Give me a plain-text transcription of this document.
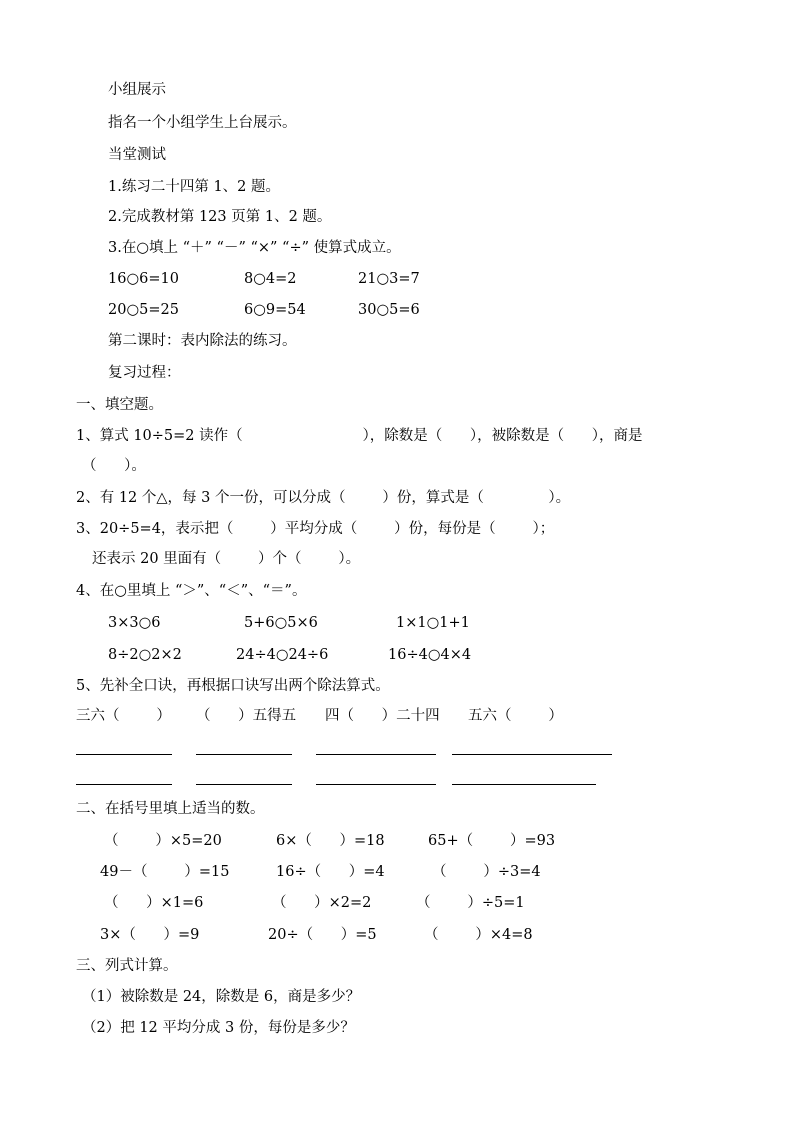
小组展示
指名一个小组学生上台展示。
当堂测试
1.练习二十四第 1、2 题。
2.完成教材第 123 页第 1、2 题。
3.在○填上 “＋” “－” “×” “÷” 使算式成立。
16○6=10	8○4=2	21○3=7
20○5=25	6○9=54	30○5=6
第二课时：表内除法的练习。
复习过程：
一、填空题。
1、算式 10÷5=2 读作（                          ），除数是（      ），被除数是（      ），商是
（      ）。
2、有 12 个△，每 3 个一份，可以分成（        ）份，算式是（              ）。
3、20÷5=4，表示把（        ）平均分成（        ）份，每份是（        ）；
还表示 20 里面有（        ）个（        ）。
4、在○里填上 “＞”、“＜”、“＝”。
3×3○6	5+6○5×6	1×1○1+1
8÷2○2×2	24÷4○24÷6	16÷4○4×4
5、先补全口诀，再根据口诀写出两个除法算式。
三六（        ） （      ）五得五 四（      ）二十四 五六（        ）
二、在括号里填上适当的数。
（        ）×5=20	6×（      ）=18	65+（        ）=93
49－（        ）=15	16÷（      ）=4	（        ）÷3=4
（      ）×1=6	（      ）×2=2	（        ）÷5=1
3×（      ）=9	20÷（      ）=5	（        ）×4=8
三、列式计算。
（1）被除数是 24，除数是 6，商是多少？
（2）把 12 平均分成 3 份，每份是多少？
